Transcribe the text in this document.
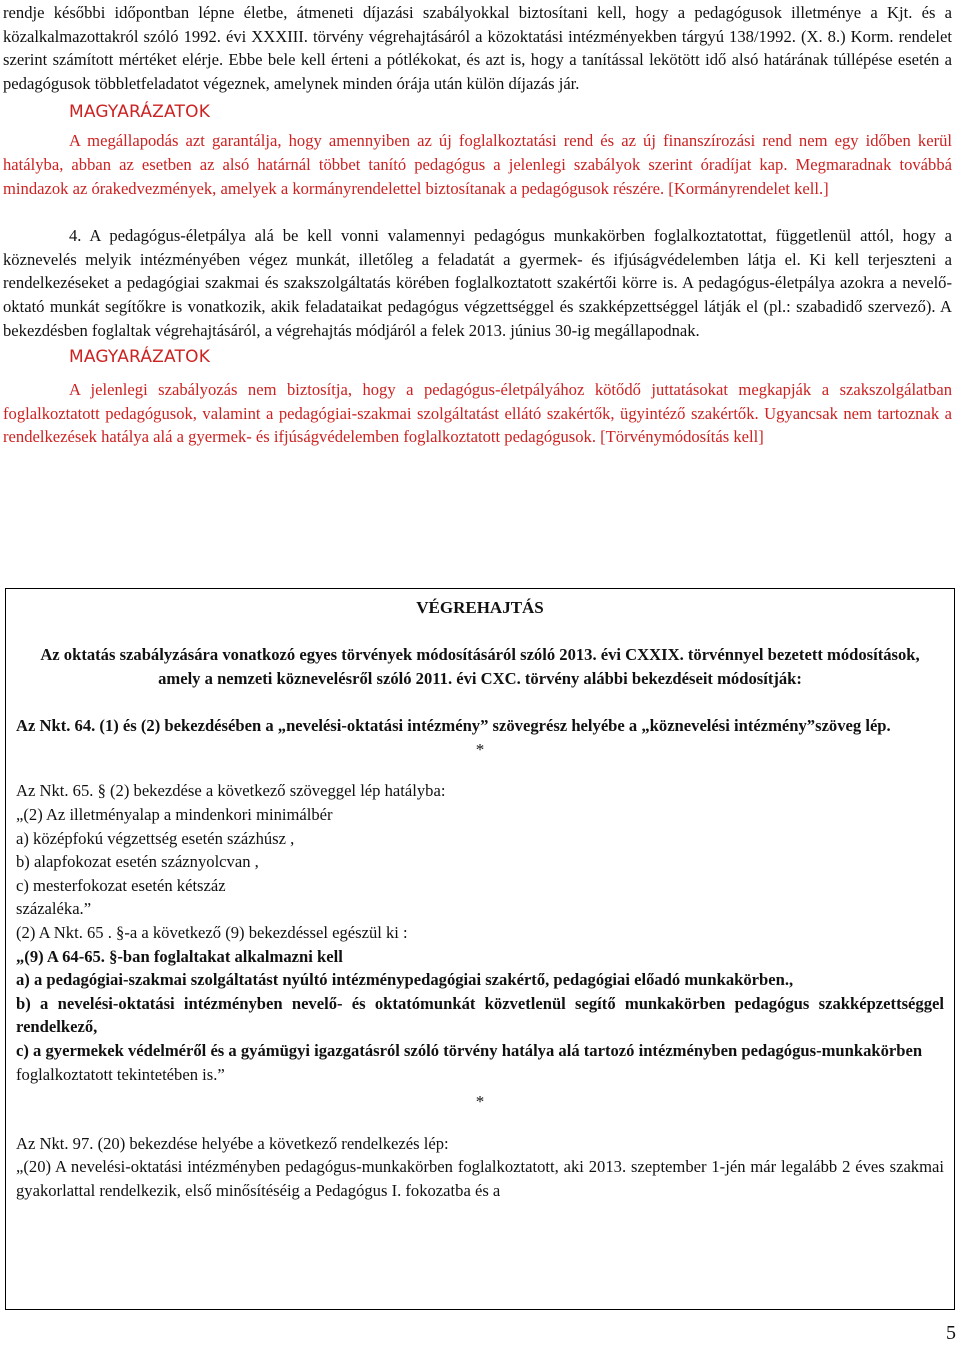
rendje későbbi időpontban lépne életbe, átmeneti díjazási szabályokkal biztosítani kell, hogy a pedagógusok illetménye a Kjt. és a közalkalmazottakról szóló 1992. évi XXXIII. törvény végrehajtásáról a közoktatási intézményekben tárgyú 138/1992. (X. 8.) Korm. rendelet szerint számított mértéket elérje. Ebbe bele kell érteni a pótlékokat, és azt is, hogy a tanítással lekötött idő alsó határának túllépése esetén a pedagógusok többletfeladatot végeznek, amelynek minden órája után külön díjazás jár.

MAGYARÁZATOK

A megállapodás azt garantálja, hogy amennyiben az új foglalkoztatási rend és az új finanszírozási rend nem egy időben kerül hatályba, abban az esetben az alsó határnál többet tanító pedagógus a jelenlegi szabályok szerint óradíjat kap. Megmaradnak továbbá mindazok az órakedvezmények, amelyek a kormányrendelettel biztosítanak a pedagógusok részére. [Kormányrendelet kell.]

4. A pedagógus-életpálya alá be kell vonni valamennyi pedagógus munkakörben foglalkoztatottat, függetlenül attól, hogy a köznevelés melyik intézményében végez munkát, illetőleg a feladatát a gyermek- és ifjúságvédelemben látja el. Ki kell terjeszteni a rendelkezéseket a pedagógiai szakmai és szakszolgáltatás körében foglalkoztatott szakértői körre is. A pedagógus-életpálya azokra a nevelő-oktató munkát segítőkre is vonatkozik, akik feladataikat pedagógus végzettséggel és szakképzettséggel látják el (pl.: szabadidő szervező). A bekezdésben foglaltak végrehajtásáról, a végrehajtás módjáról a felek 2013. június 30-ig megállapodnak.

MAGYARÁZATOK

A jelenlegi szabályozás nem biztosítja, hogy a pedagógus-életpályához kötődő juttatásokat megkapják a szakszolgálatban foglalkoztatott pedagógusok, valamint a pedagógiai-szakmai szolgáltatást ellátó szakértők, ügyintéző szakértők. Ugyancsak nem tartoznak a rendelkezések hatálya alá a gyermek- és ifjúságvédelemben foglalkoztatott pedagógusok. [Törvénymódosítás kell]

VÉGREHAJTÁS

Az oktatás szabályzására vonatkozó egyes törvények módosításáról szóló 2013. évi CXXIX. törvénnyel bezetett módosítások, amely a nemzeti köznevelésről szóló 2011. évi CXC. törvény alábbi bekezdéseit módosítják:

Az Nkt. 64. (1) és (2) bekezdésében a „nevelési-oktatási intézmény” szövegrész helyébe a „köznevelési intézmény”szöveg lép.

*

Az Nkt. 65. § (2) bekezdése a következő szöveggel lép hatályba:

„(2) Az illetményalap a mindenkori minimálbér

a) középfokú végzettség esetén százhúsz ,

b) alapfokozat esetén száznyolcvan ,

c) mesterfokozat esetén kétszáz

százaléka.”

(2) A Nkt. 65 . §-a a következő (9) bekezdéssel egészül ki :

„(9) A 64-65. §-ban foglaltakat alkalmazni kell

a) a pedagógiai-szakmai szolgáltatást nyúltó intézménypedagógiai szakértő, pedagógiai előadó munkakörben.,

b) a nevelési-oktatási intézményben nevelő- és oktatómunkát közvetlenül segítő munkakörben pedagógus szakképzettséggel rendelkező,

c) a gyermekek védelméről és a gyámügyi igazgatásról szóló törvény hatálya alá tartozó intézményben pedagógus-munkakörben

foglalkoztatott tekintetében is.”

*

Az Nkt. 97. (20) bekezdése helyébe a következő rendelkezés lép:

„(20) A nevelési-oktatási intézményben pedagógus-munkakörben foglalkoztatott, aki 2013. szeptember 1-jén már legalább 2 éves szakmai gyakorlattal rendelkezik, első minősítéséig a Pedagógus I. fokozatba és a

5
